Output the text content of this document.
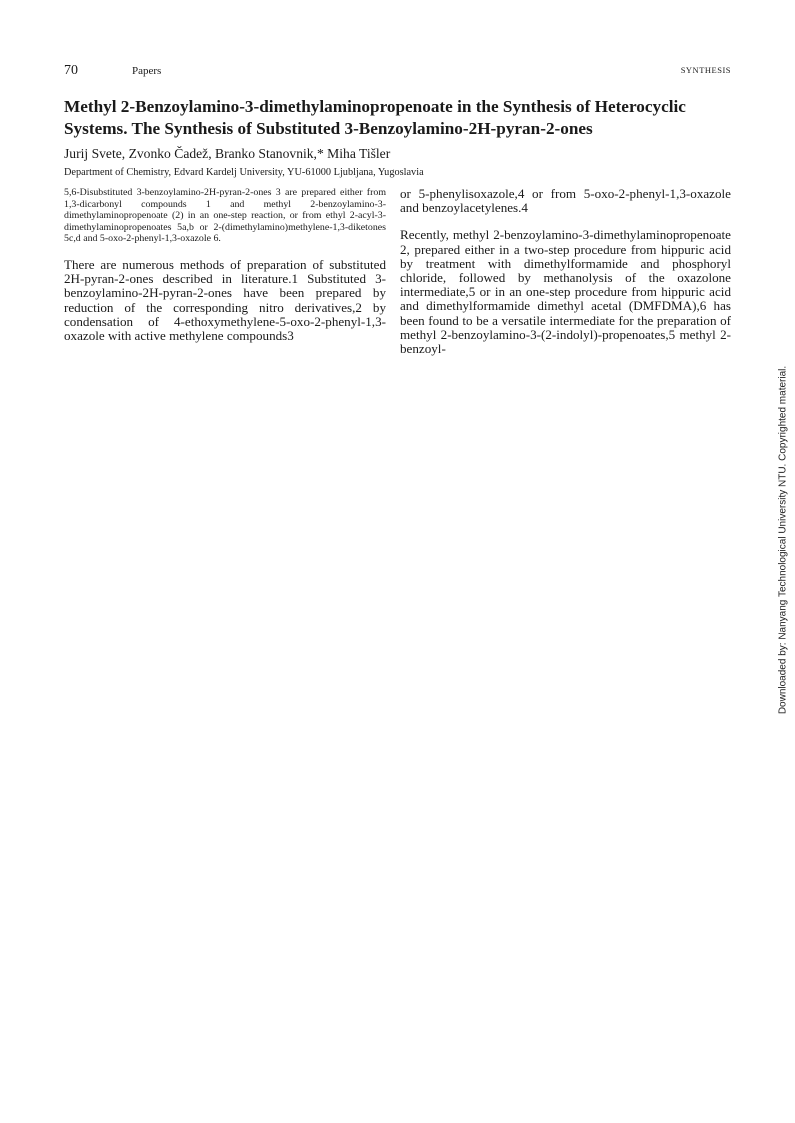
70	Papers	SYNTHESIS
Methyl 2-Benzoylamino-3-dimethylaminopropenoate in the Synthesis of Heterocyclic Systems. The Synthesis of Substituted 3-Benzoylamino-2H-pyran-2-ones

Jurij Svete, Zvonko Čadež, Branko Stanovnik,* Miha Tišler

Department of Chemistry, Edvard Kardelj University, YU-61000 Ljubljana, Yugoslavia

5,6-Disubstituted 3-benzoylamino-2H-pyran-2-ones 3 are prepared either from 1,3-dicarbonyl compounds 1 and methyl 2-benzoylamino-3-dimethylaminopropenoate (2) in an one-step reaction, or from ethyl 2-acyl-3-dimethylaminopropenoates 5a,b or 2-(dimethylamino)methylene-1,3-diketones 5c,d and 5-oxo-2-phenyl-1,3-oxazole 6.

There are numerous methods of preparation of substituted 2H-pyran-2-ones described in literature.1 Substituted 3-benzoylamino-2H-pyran-2-ones have been prepared by reduction of the corresponding nitro derivatives,2 by condensation of 4-ethoxymethylene-5-oxo-2-phenyl-1,3-oxazole with active methylene compounds3

or 5-phenylisoxazole,4 or from 5-oxo-2-phenyl-1,3-oxazole and benzoylacetylenes.4

Recently, methyl 2-benzoylamino-3-dimethylaminopropenoate 2, prepared either in a two-step procedure from hippuric acid by treatment with dimethylformamide and phosphoryl chloride, followed by methanolysis of the oxazolone intermediate,5 or in an one-step procedure from hippuric acid and dimethylformamide dimethyl acetal (DMFDMA),6 has been found to be a versatile intermediate for the preparation of methyl 2-benzoylamino-3-(2-indolyl)-propenoates,5 methyl 2-benzoyl-

Downloaded by: Nanyang Technological University NTU. Copyrighted material.
